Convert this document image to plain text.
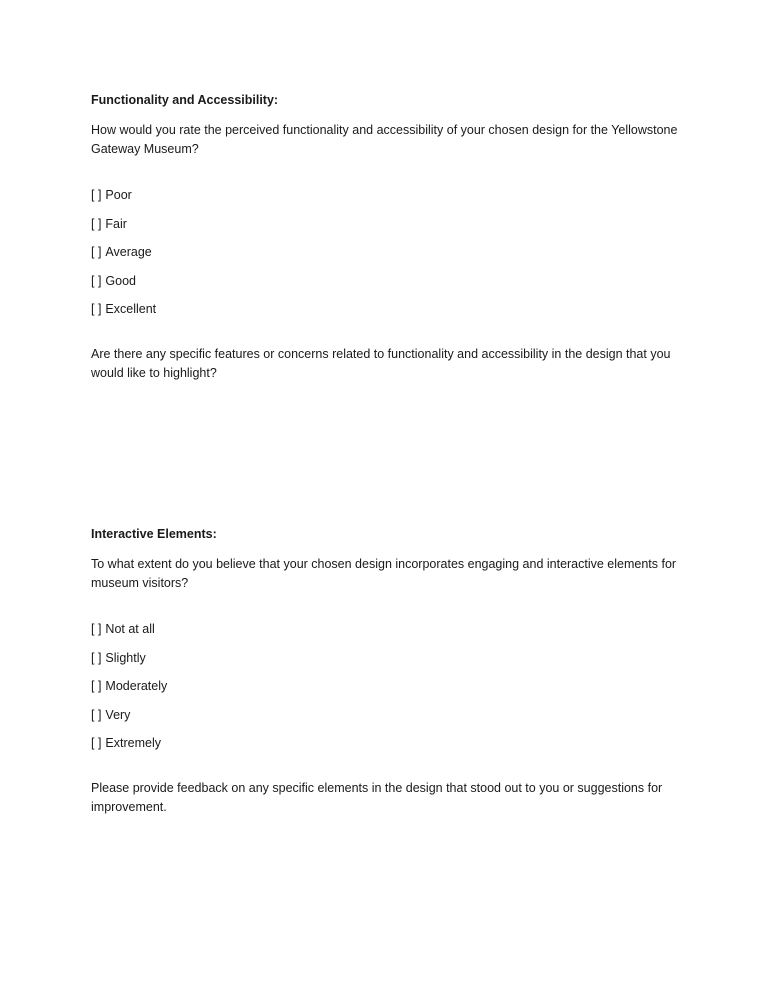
Functionality and Accessibility:

How would you rate the perceived functionality and accessibility of your chosen design for the Yellowstone Gateway Museum?

[ ] Poor
[ ] Fair
[ ] Average
[ ] Good
[ ] Excellent

Are there any specific features or concerns related to functionality and accessibility in the design that you would like to highlight?

Interactive Elements:

To what extent do you believe that your chosen design incorporates engaging and interactive elements for museum visitors?

[ ] Not at all
[ ] Slightly
[ ] Moderately
[ ] Very
[ ] Extremely

Please provide feedback on any specific elements in the design that stood out to you or suggestions for improvement.
